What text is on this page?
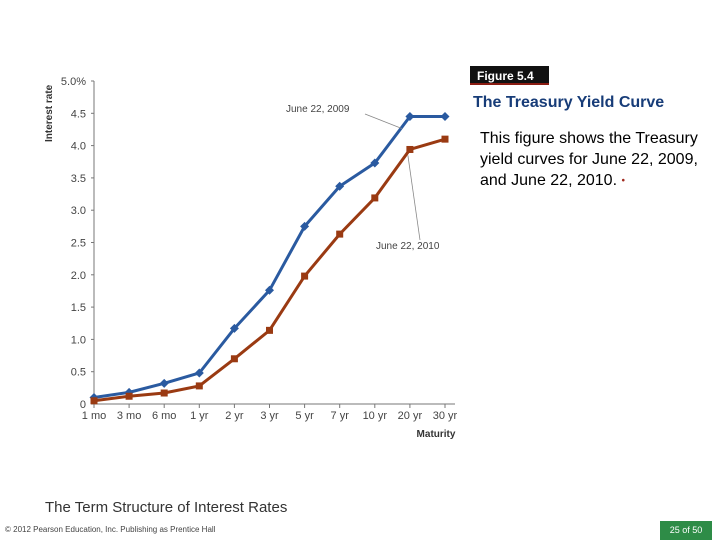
0
0.5
1.0
1.5
2.0
2.5
3.0
3.5
4.0
4.5
5.0%
1 mo 3 mo 6 mo 1 yr 2 yr 3 yr 5 yr 7 yr 10 yr 20 yr 30 yr
Maturity
Interest rate	June 22, 2009
June 22, 2010
Figure 5.4
The Treasury Yield Curve
This figure shows the Treasury yield curves for June 22, 2009, and June 22, 2010. •
The Term Structure of Interest Rates
© 2012 Pearson Education, Inc. Publishing as Prentice Hall	25 of 50
